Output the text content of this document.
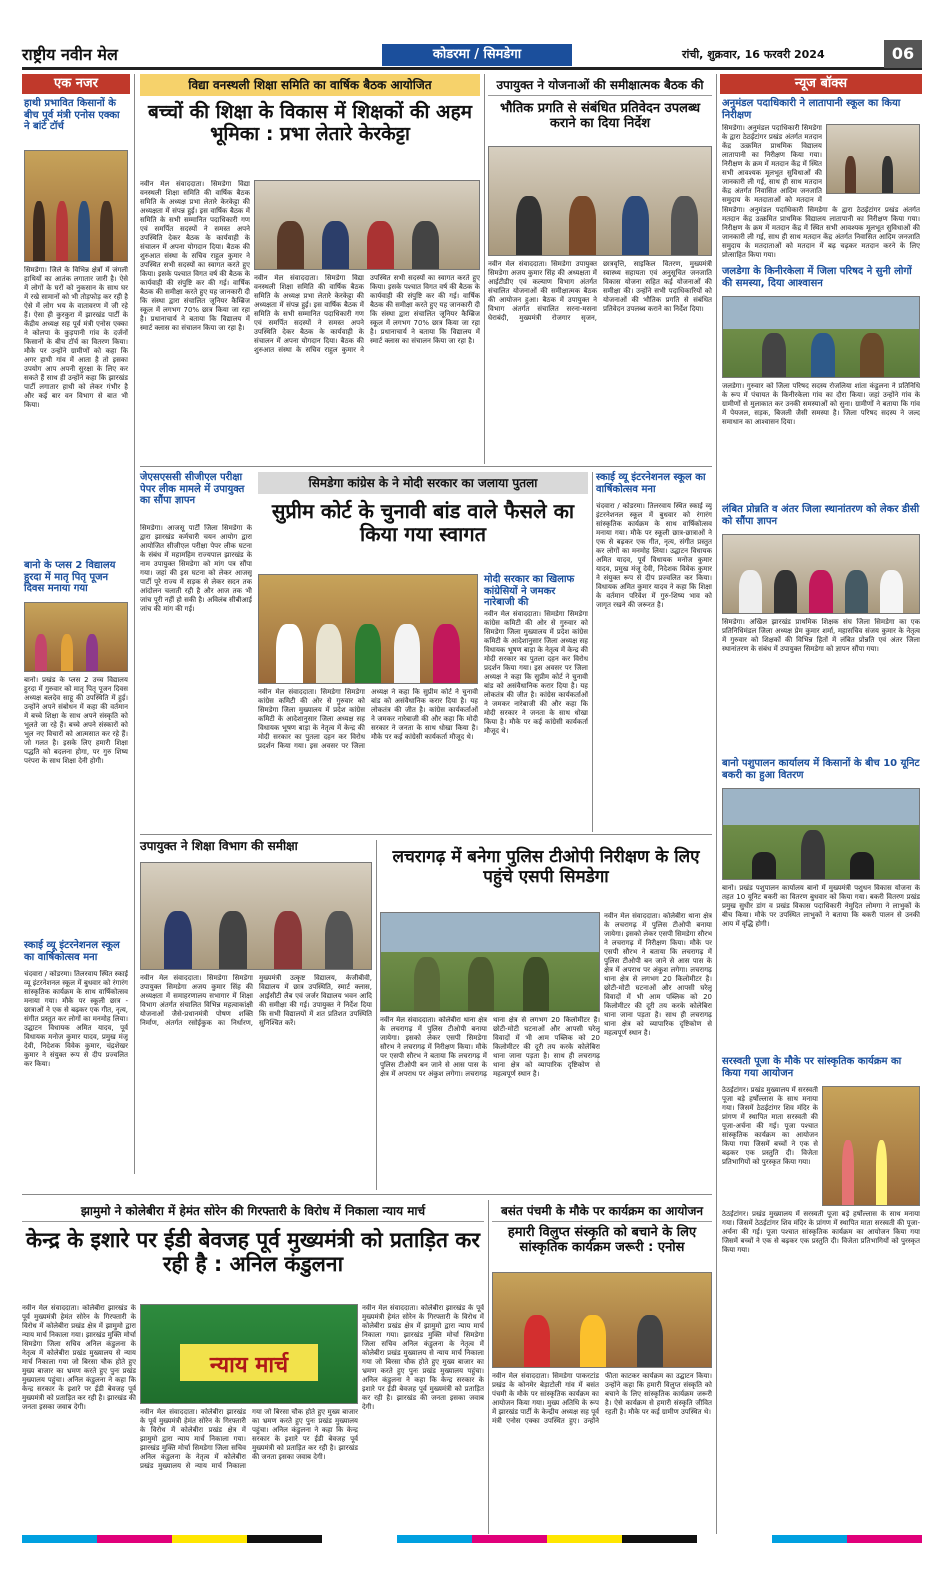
राष्ट्रीय नवीन मेल	कोडरमा / सिमडेगा	रांची, शुक्रवार, 16 फरवरी 2024	06
एक नजर
हाथी प्रभावित किसानों के बीच पूर्व मंत्री एनोस एक्का ने बांटे टॉर्च
सिमडेगा। जिले के विभिन्न क्षेत्रों में जंगली हाथियों का आतंक लगातार जारी है। ऐसे में लोगों के घरों को नुकसान के साथ घर में रखे सामानों को भी तोड़फोड़ कर रही है ऐसे में लोग भय के वातावरण में जी रहे हैं। ऐसा ही कुरकुरा में झारखंड पार्टी के केंद्रीय अध्यक्ष सह पूर्व मंत्री एनोस एक्का ने कोलपा के कुड़पानी गांव के दर्जनों किसानों के बीच टॉर्च का वितरण किया। मौके पर उन्होंने ग्रामीणों को कहा कि अगर हाथी गांव में आता है तो इसका उपयोग आप अपनी सुरक्षा के लिए कर सकते हैं साथ ही उन्होंने कहा कि झारखंड पार्टी लगातार हाथी को लेकर गंभीर है और कई बार वन विभाग से बात भी किया।
बानो के प्लस 2 विद्यालय हुरदा में मातृ पितृ पूजन दिवस मनाया गया
बानो। प्रखंड के प्लस 2 उच्च विद्यालय हुरदा में गुरुवार को मातृ पितृ पूजन दिवस अध्यक्ष बलदेव साहू की उपस्थिति में हुई। उन्होंने अपने संबोधन में कहा की वर्तमान में बच्चे शिक्षा के साथ अपने संस्कृति को भूलते जा रहे हैं। बच्चे अपने संस्कारों को भूल नए विचारों को आत्मसात कर रहे हैं। जो गलत है। इसके लिए हमारी शिक्षा पद्धति को बदलना होगा, पर गुरु शिष्य परंपरा के साथ शिक्षा देनी होगी।
स्काई व्यू इंटरनेशनल स्कूल का वार्षिकोत्सव मना
चंदवारा / कोडरमा। तिलरवाय स्थित स्काई व्यू इंटरनेशनल स्कूल में बुधवार को रंगारंग सांस्कृतिक कार्यक्रम के साथ वार्षिकोत्सव मनाया गया। मौके पर स्कूली छात्र - छात्राओं ने एक से बढ़कर एक गीत, नृत्य, संगीत प्रस्तुत कर लोगों का मनमोह लिया। उद्घाटन विधायक अमित यादव, पूर्व विधायक मनोज कुमार यादव, प्रमुख मंजू देवी, निदेशक विवेक कुमार, चंद्रशेखर कुमार ने संयुक्त रूप से दीप प्रज्वलित कर किया।
विद्या वनस्थली शिक्षा समिति का वार्षिक बैठक आयोजित
बच्चों की शिक्षा के विकास में शिक्षकों की अहम भूमिका : प्रभा लेतारे केरकेट्टा
नवीन मेल संवाददाता। सिमडेगा विद्या वनस्थली शिक्षा समिति की वार्षिक बैठक समिति के अध्यक्ष प्रभा लेतारे केरकेट्टा की अध्यक्षता में संपन्न हुई। इस वार्षिक बैठक में समिति के सभी सम्मानित पदाधिकारी गण एवं समर्पित सदस्यों ने समस्त अपने उपस्थिति देकर बैठक के कार्यवाही के संचालन में अपना योगदान दिया। बैठक की शुरुआत संस्था के सचिव राहुल कुमार ने उपस्थित सभी सदस्यों का स्वागत करते हुए किया। इसके पश्चात विगत वर्ष की बैठक के कार्यवाही की संपुष्टि कर की गई। वार्षिक बैठक की समीक्षा करते हुए यह जानकारी दी कि संस्था द्वारा संचालित जूनियर कैम्ब्रिज स्कूल में लगभग 70% छात्र किया जा रहा है। प्रधानाचार्य ने बताया कि विद्यालय में स्मार्ट क्लास का संचालन किया जा रहा है।
नवीन मेल संवाददाता। सिमडेगा विद्या वनस्थली शिक्षा समिति की वार्षिक बैठक समिति के अध्यक्ष प्रभा लेतारे केरकेट्टा की अध्यक्षता में संपन्न हुई। इस वार्षिक बैठक में समिति के सभी सम्मानित पदाधिकारी गण एवं समर्पित सदस्यों ने समस्त अपने उपस्थिति देकर बैठक के कार्यवाही के संचालन में अपना योगदान दिया। बैठक की शुरुआत संस्था के सचिव राहुल कुमार ने उपस्थित सभी सदस्यों का स्वागत करते हुए किया। इसके पश्चात विगत वर्ष की बैठक के कार्यवाही की संपुष्टि कर की गई। वार्षिक बैठक की समीक्षा करते हुए यह जानकारी दी कि संस्था द्वारा संचालित जूनियर कैम्ब्रिज स्कूल में लगभग 70% छात्र किया जा रहा है। प्रधानाचार्य ने बताया कि विद्यालय में स्मार्ट क्लास का संचालन किया जा रहा है।
उपायुक्त ने योजनाओं की समीक्षात्मक बैठक की
भौतिक प्रगति से संबंधित प्रतिवेदन उपलब्ध कराने का दिया निर्देश
नवीन मेल संवाददाता। सिमडेगा उपायुक्त सिमडेगा अजय कुमार सिंह की अध्यक्षता में आईटीडीए एवं कल्याण विभाग अंतर्गत संचालित योजनाओं की समीक्षात्मक बैठक की आयोजन हुआ। बैठक में उपायुक्त ने विभाग अंतर्गत संचालित सरना-मसना घेराबंदी, मुख्यमंत्री रोजगार सृजन, छात्रवृत्ति, साइकिल वितरण, मुख्यमंत्री स्वास्थ्य सहायता एवं अनुसूचित जनजाति विकास योजना सहित कई योजनाओं की समीक्षा की। उन्होंने सभी पदाधिकारियों को योजनाओं की भौतिक प्रगति से संबंधित प्रतिवेदन उपलब्ध कराने का निर्देश दिया।
जेएसएससी सीजीएल परीक्षा पेपर लीक मामले में उपायुक्त का सौंपा ज्ञापन
सिमडेगा। आजसू पार्टी जिला सिमडेगा के द्वारा झारखंड कर्मचारी चयन आयोग द्वारा आयोजित सीजीएल परीक्षा पेपर लीक घटना के संबंध में महामहिम राज्यपाल झारखंड के नाम उपायुक्त सिमडेगा को मांग पत्र सौंपा गया। जहां की इस घटना को लेकर आजसू पार्टी पूरे राज्य में सड़क से लेकर सदन तक आंदोलन चलाती रही है और आज तक भी जांच पूरी नहीं हो सकी है। अविलंब सीबीआई जांच की मांग की गई।
सिमडेगा कांग्रेस के ने मोदी सरकार का जलाया पुतला
सुप्रीम कोर्ट के चुनावी बांड वाले फैसले का किया गया स्वागत
मोदी सरकार का खिलाफ कांग्रेसियों ने जमकर नारेबाजी की
नवीन मेल संवाददाता। सिमडेगा सिमडेगा कांग्रेस कमिटी की ओर से गुरुवार को सिमडेगा जिला मुख्यालय में प्रदेश कांग्रेस कमिटी के आदेशानुसार जिला अध्यक्ष सह विधायक भूषण बाड़ा के नेतृत्व में केन्द्र की मोदी सरकार का पुतला दहन कर विरोध प्रदर्शन किया गया। इस अवसर पर जिला अध्यक्ष ने कहा कि सुप्रीम कोर्ट ने चुनावी बांड को असंवैधानिक करार दिया है। यह लोकतंत्र की जीत है। कांग्रेस कार्यकर्ताओं ने जमकर नारेबाजी की और कहा कि मोदी सरकार ने जनता के साथ धोखा किया है। मौके पर कई कांग्रेसी कार्यकर्ता मौजूद थे।
नवीन मेल संवाददाता। सिमडेगा सिमडेगा कांग्रेस कमिटी की ओर से गुरुवार को सिमडेगा जिला मुख्यालय में प्रदेश कांग्रेस कमिटी के आदेशानुसार जिला अध्यक्ष सह विधायक भूषण बाड़ा के नेतृत्व में केन्द्र की मोदी सरकार का पुतला दहन कर विरोध प्रदर्शन किया गया। इस अवसर पर जिला अध्यक्ष ने कहा कि सुप्रीम कोर्ट ने चुनावी बांड को असंवैधानिक करार दिया है। यह लोकतंत्र की जीत है। कांग्रेस कार्यकर्ताओं ने जमकर नारेबाजी की और कहा कि मोदी सरकार ने जनता के साथ धोखा किया है। मौके पर कई कांग्रेसी कार्यकर्ता मौजूद थे।
स्काई व्यू इंटरनेशनल स्कूल का वार्षिकोत्सव मना
चंदवारा / कोडरमा। तिलरवाय स्थित स्काई व्यू इंटरनेशनल स्कूल में बुधवार को रंगारंग सांस्कृतिक कार्यक्रम के साथ वार्षिकोत्सव मनाया गया। मौके पर स्कूली छात्र-छात्राओं ने एक से बढ़कर एक गीत, नृत्य, संगीत प्रस्तुत कर लोगों का मनमोह लिया। उद्घाटन विधायक अमित यादव, पूर्व विधायक मनोज कुमार यादव, प्रमुख मंजू देवी, निदेशक विवेक कुमार ने संयुक्त रूप से दीप प्रज्वलित कर किया। विधायक अमित कुमार यादव ने कहा कि शिक्षा के वर्तमान परिवेश में गुरु-शिष्य भाव को जागृत रखने की जरूरत है।
उपायुक्त ने शिक्षा विभाग की समीक्षा
नवीन मेल संवाददाता। सिमडेगा सिमडेगा उपायुक्त सिमडेगा अजय कुमार सिंह की अध्यक्षता में समाहरणालय सभागार में शिक्षा विभाग अंतर्गत संचालित विभिन्न महत्वाकांक्षी योजनाओं जैसे-प्रधानमंत्री पोषण शक्ति निर्माण, अंतर्गत रसोईकुक का निर्धारण, मुख्यमंत्री उत्कृष्ट विद्यालय, केजीबीवी, विद्यालय में छात्र उपस्थिति, स्मार्ट क्लास, आईसीटी लैब एवं जर्जर विद्यालय भवन आदि की समीक्षा की गई। उपायुक्त ने निर्देश दिया कि सभी विद्यालयों में शत प्रतिशत उपस्थिति सुनिश्चित करें।
लचरागढ़ में बनेगा पुलिस टीओपी निरीक्षण के लिए पहुंचे एसपी सिमडेगा
नवीन मेल संवाददाता। कोलेबीरा थाना क्षेत्र के लचरागढ़ में पुलिस टीओपी बनाया जायेगा। इसको लेकर एसपी सिमडेगा सौरभ ने लचरागढ़ में निरीक्षण किया। मौके पर एसपी सौरभ ने बताया कि लचरागढ़ में पुलिस टीओपी बन जाने से आस पास के क्षेत्र में अपराध पर अंकुश लगेगा। लचरागढ़ थाना क्षेत्र से लगभग 20 किलोमीटर है। छोटी-मोटी घटनाओं और आपसी घरेलू विवादों में भी आम पब्लिक को 20 किलोमीटर की दूरी तय करके कोलेबिरा थाना जाना पड़ता है। साथ ही लचरागढ़ थाना क्षेत्र को व्यापारिक दृष्टिकोण से महत्वपूर्ण स्थान है।
नवीन मेल संवाददाता। कोलेबीरा थाना क्षेत्र के लचरागढ़ में पुलिस टीओपी बनाया जायेगा। इसको लेकर एसपी सिमडेगा सौरभ ने लचरागढ़ में निरीक्षण किया। मौके पर एसपी सौरभ ने बताया कि लचरागढ़ में पुलिस टीओपी बन जाने से आस पास के क्षेत्र में अपराध पर अंकुश लगेगा। लचरागढ़ थाना क्षेत्र से लगभग 20 किलोमीटर है। छोटी-मोटी घटनाओं और आपसी घरेलू विवादों में भी आम पब्लिक को 20 किलोमीटर की दूरी तय करके कोलेबिरा थाना जाना पड़ता है। साथ ही लचरागढ़ थाना क्षेत्र को व्यापारिक दृष्टिकोण से महत्वपूर्ण स्थान है।
झामुमो ने कोलेबीरा में हेमंत सोरेन की गिरफ्तारी के विरोध में निकाला न्याय मार्च
केन्द्र के इशारे पर ईडी बेवजह पूर्व मुख्यमंत्री को प्रताड़ित कर रही है : अनिल कंडुलना
न्याय मार्च
नवीन मेल संवाददाता। कोलेबीरा झारखंड के पूर्व मुख्यमंत्री हेमंत सोरेन के गिरफ्तारी के विरोध में कोलेबीरा प्रखंड क्षेत्र में झामुमो द्वारा न्याय मार्च निकाला गया। झारखंड मुक्ति मोर्चा सिमडेगा जिला सचिव अनिल कंडुलना के नेतृत्व में कोलेबीरा प्रखंड मुख्यालय से न्याय मार्च निकाला गया जो बिरसा चौक होते हुए मुख्य बाजार का भ्रमण करते हुए पुनः प्रखंड मुख्यालय पहुंचा। अनिल कंडुलना ने कहा कि केन्द्र सरकार के इशारे पर ईडी बेवजह पूर्व मुख्यमंत्री को प्रताड़ित कर रही है। झारखंड की जनता इसका जवाब देगी।
नवीन मेल संवाददाता। कोलेबीरा झारखंड के पूर्व मुख्यमंत्री हेमंत सोरेन के गिरफ्तारी के विरोध में कोलेबीरा प्रखंड क्षेत्र में झामुमो द्वारा न्याय मार्च निकाला गया। झारखंड मुक्ति मोर्चा सिमडेगा जिला सचिव अनिल कंडुलना के नेतृत्व में कोलेबीरा प्रखंड मुख्यालय से न्याय मार्च निकाला गया जो बिरसा चौक होते हुए मुख्य बाजार का भ्रमण करते हुए पुनः प्रखंड मुख्यालय पहुंचा। अनिल कंडुलना ने कहा कि केन्द्र सरकार के इशारे पर ईडी बेवजह पूर्व मुख्यमंत्री को प्रताड़ित कर रही है। झारखंड की जनता इसका जवाब देगी।
नवीन मेल संवाददाता। कोलेबीरा झारखंड के पूर्व मुख्यमंत्री हेमंत सोरेन के गिरफ्तारी के विरोध में कोलेबीरा प्रखंड क्षेत्र में झामुमो द्वारा न्याय मार्च निकाला गया। झारखंड मुक्ति मोर्चा सिमडेगा जिला सचिव अनिल कंडुलना के नेतृत्व में कोलेबीरा प्रखंड मुख्यालय से न्याय मार्च निकाला गया जो बिरसा चौक होते हुए मुख्य बाजार का भ्रमण करते हुए पुनः प्रखंड मुख्यालय पहुंचा। अनिल कंडुलना ने कहा कि केन्द्र सरकार के इशारे पर ईडी बेवजह पूर्व मुख्यमंत्री को प्रताड़ित कर रही है। झारखंड की जनता इसका जवाब देगी।
बसंत पंचमी के मौके पर कार्यक्रम का आयोजन
हमारी विलुप्त संस्कृति को बचाने के लिए सांस्कृतिक कार्यक्रम जरूरी : एनोस
नवीन मेल संवाददाता। सिमडेगा पाकरटांड प्रखंड के कोनमेर बेड़ाटोली गांव में बसंत पंचमी के मौके पर सांस्कृतिक कार्यक्रम का आयोजन किया गया। मुख्य अतिथि के रूप में झारखंड पार्टी के केन्द्रीय अध्यक्ष सह पूर्व मंत्री एनोस एक्का उपस्थित हुए। उन्होंने फीता काटकर कार्यक्रम का उद्घाटन किया। उन्होंने कहा कि हमारी विलुप्त संस्कृति को बचाने के लिए सांस्कृतिक कार्यक्रम जरूरी है। ऐसे कार्यक्रम से हमारी संस्कृति जीवित रहती है। मौके पर कई ग्रामीण उपस्थित थे।
न्यूज बॉक्स
अनुमंडल पदाधिकारी ने लातापानी स्कूल का किया निरीक्षण
सिमडेगा। अनुमंडल पदाधिकारी सिमडेगा के द्वारा ठेठईटांगर प्रखंड अंतर्गत मतदान केंद्र उत्क्रमित प्राथमिक विद्यालय लातापानी का निरीक्षण किया गया। निरीक्षण के क्रम में मतदान केंद्र में स्थित सभी आवश्यक मूलभूत सुविधाओं की जानकारी ली गई, साथ ही साथ मतदान केंद्र अंतर्गत निवासित आदिम जनजाति समुदाय के मतदाताओं को मतदान में
सिमडेगा। अनुमंडल पदाधिकारी सिमडेगा के द्वारा ठेठईटांगर प्रखंड अंतर्गत मतदान केंद्र उत्क्रमित प्राथमिक विद्यालय लातापानी का निरीक्षण किया गया। निरीक्षण के क्रम में मतदान केंद्र में स्थित सभी आवश्यक मूलभूत सुविधाओं की जानकारी ली गई, साथ ही साथ मतदान केंद्र अंतर्गत निवासित आदिम जनजाति समुदाय के मतदाताओं को मतदान में बढ़ चढ़कर मतदान करने के लिए प्रोत्साहित किया गया।
जलडेगा के किनीरकेला में जिला परिषद ने सुनी लोगों की समस्या, दिया आश्वासन
जलडेगा। गुरुवार को जिला परिषद सदस्य रोजलिया शांता कंडुलना ने प्रतिनिधि के रूप में पंचायत के किनीरकेला गांव का दौरा किया। जहां उन्होंने गांव के ग्रामीणों से मुलाकात कर उनकी समस्याओं को सुना। ग्रामीणों ने बताया कि गांव में पेयजल, सड़क, बिजली जैसी समस्या है। जिला परिषद सदस्य ने जल्द समाधान का आश्वासन दिया।
लंबित प्रोन्नति व अंतर जिला स्थानांतरण को लेकर डीसी को सौंपा ज्ञापन
सिमडेगा। अखिल झारखंड प्राथमिक शिक्षक संघ जिला सिमडेगा का एक प्रतिनिधिमंडल जिला अध्यक्ष प्रेम कुमार शर्मा, महासचिव संजय कुमार के नेतृत्व में गुरुवार को शिक्षकों की विभिन्न हितों में लंबित प्रोन्नति एवं अंतर जिला स्थानांतरण के संबंध में उपायुक्त सिमडेगा को ज्ञापन सौंपा गया।
बानो पशुपालन कार्यालय में किसानों के बीच 10 यूनिट बकरी का हुआ वितरण
बानो। प्रखंड पशुपालन कार्यालय बानो में मुख्यमंत्री पशुधन विकास योजना के तहत 10 यूनिट बकरी का वितरण बुधवार को किया गया। बकरी वितरण प्रखंड प्रमुख सुधीर डांग व प्रखंड विकास पदाधिकारी नेमुदित लोमगा ने लाभुकों के बीच किया। मौके पर उपस्थित लाभुकों ने बताया कि बकरी पालन से उनकी आय में वृद्धि होगी।
सरस्वती पूजा के मौके पर सांस्कृतिक कार्यक्रम का किया गया आयोजन
ठेठईटांगर। प्रखंड मुख्यालय में सरस्वती पूजा बड़े हर्षोल्लास के साथ मनाया गया। जिसमें ठेठईटांगर शिव मंदिर के प्रांगण में स्थापित माता सरस्वती की पूजा-अर्चना की गई। पूजा पश्चात सांस्कृतिक कार्यक्रम का आयोजन किया गया जिसमें बच्चों ने एक से बढ़कर एक प्रस्तुति दी। विजेता प्रतिभागियों को पुरस्कृत किया गया।
ठेठईटांगर। प्रखंड मुख्यालय में सरस्वती पूजा बड़े हर्षोल्लास के साथ मनाया गया। जिसमें ठेठईटांगर शिव मंदिर के प्रांगण में स्थापित माता सरस्वती की पूजा-अर्चना की गई। पूजा पश्चात सांस्कृतिक कार्यक्रम का आयोजन किया गया जिसमें बच्चों ने एक से बढ़कर एक प्रस्तुति दी। विजेता प्रतिभागियों को पुरस्कृत किया गया।
